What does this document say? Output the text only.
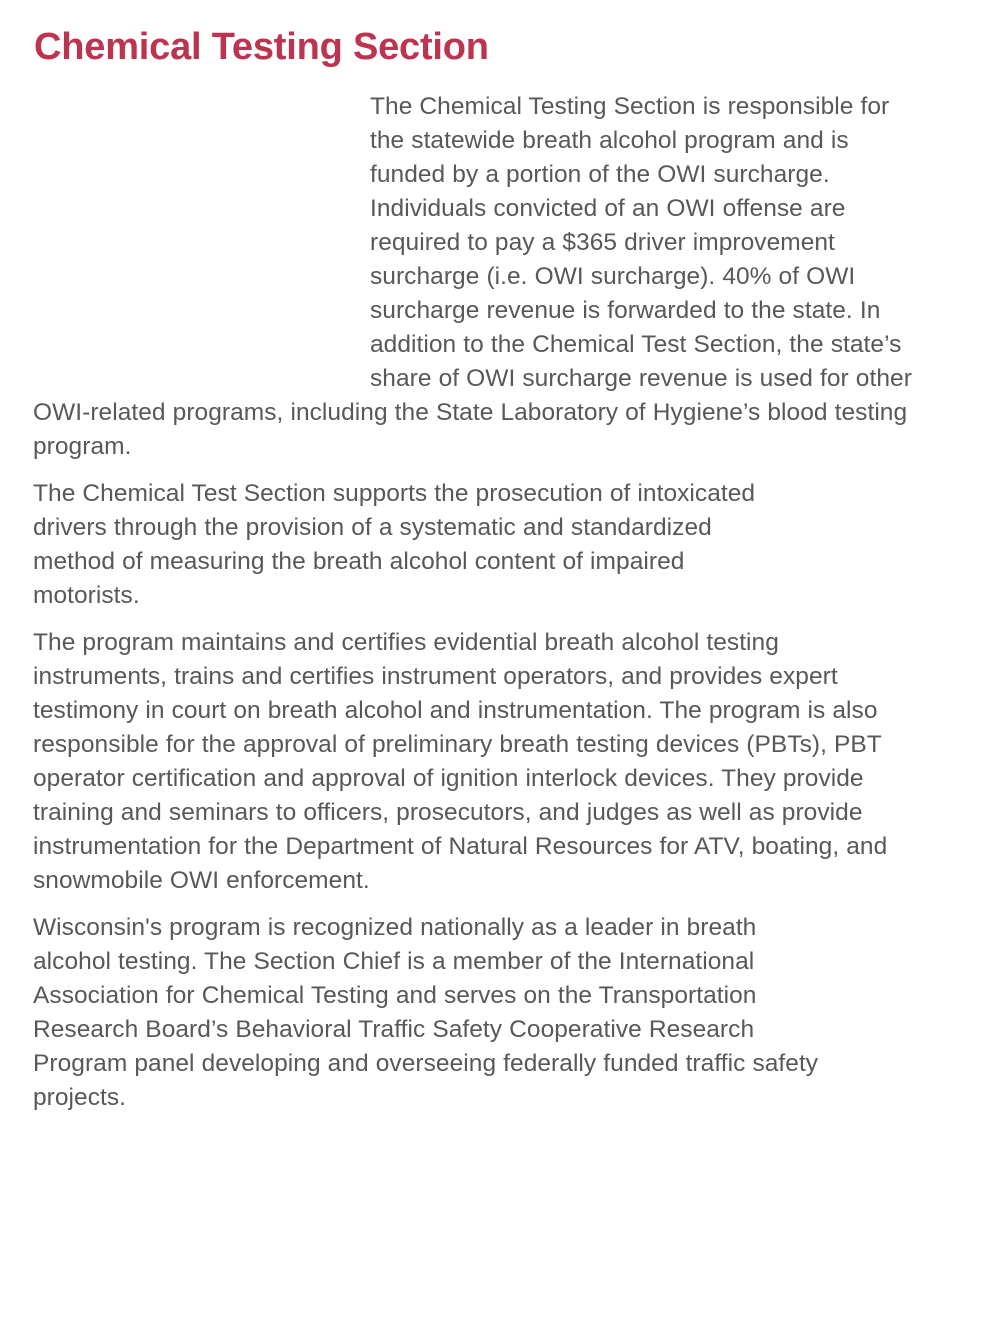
Chemical Testing Section

The Chemical Testing Section is responsible for the statewide breath alcohol program and is funded by a portion of the OWI surcharge. Individuals convicted of an OWI offense are required to pay a $365 driver improvement surcharge (i.e. OWI surcharge). 40% of OWI surcharge revenue is forwarded to the state. In addition to the Chemical Test Section, the state’s share of OWI surcharge revenue is used for other OWI-related programs, including the State Laboratory of Hygiene’s blood testing program.

The Chemical Test Section supports the prosecution of intoxicated drivers through the provision of a systematic and standardized method of measuring the breath alcohol content of impaired motorists.

The program maintains and certifies evidential breath alcohol testing instruments, trains and certifies instrument operators, and provides expert testimony in court on breath alcohol and instrumentation. The program is also responsible for the approval of preliminary breath testing devices (PBTs), PBT operator certification and approval of ignition interlock devices. They provide training and seminars to officers, prosecutors, and judges as well as provide instrumentation for the Department of Natural Resources for ATV, boating, and snowmobile OWI enforcement.

Wisconsin's program is recognized nationally as a leader in breath alcohol testing. The Section Chief is a member of the International Association for Chemical Testing and serves on the Transportation Research Board’s Behavioral Traffic Safety Cooperative Research Program panel developing and overseeing federally funded traffic safety projects.
